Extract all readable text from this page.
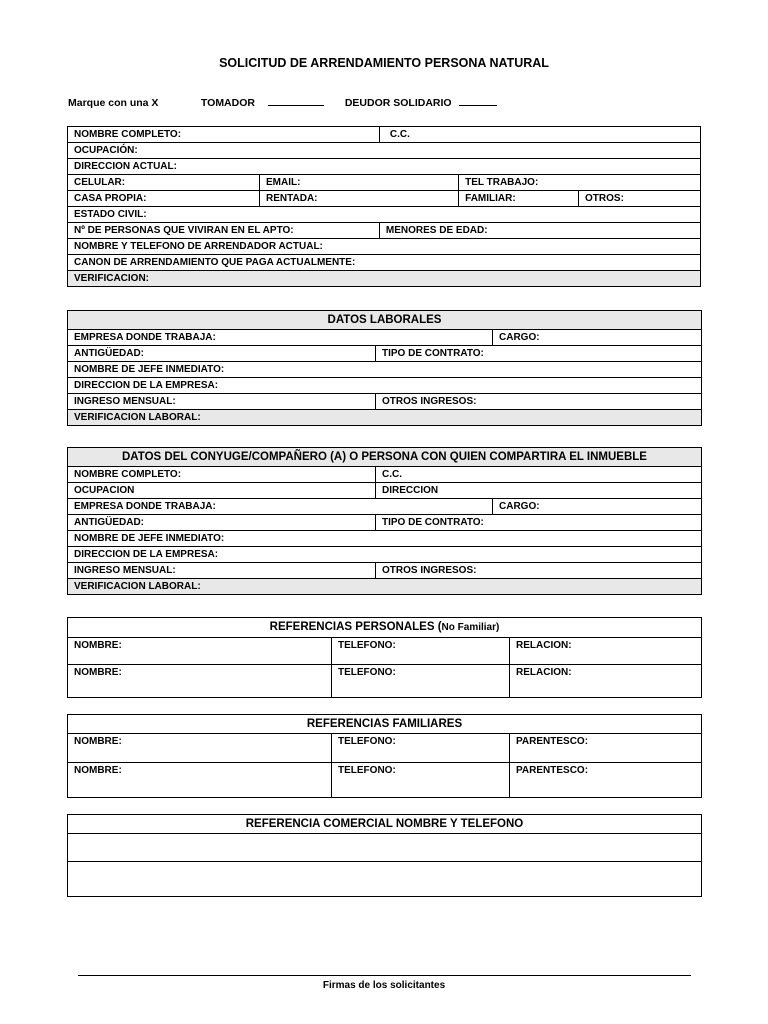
SOLICITUD DE ARRENDAMIENTO PERSONA NATURAL
Marque con una X	TOMADOR	DEUDOR SOLIDARIO
NOMBRE COMPLETO:		C.C.		
OCUPACIÓN:				
DIRECCION ACTUAL:				
CELULAR:	EMAIL:		TEL TRABAJO:	
CASA PROPIA:	RENTADA:		FAMILIAR:	OTROS:
ESTADO CIVIL:				
Nº DE PERSONAS QUE VIVIRAN EN EL APTO:		MENORES DE EDAD:		
NOMBRE Y TELEFONO DE ARRENDADOR ACTUAL:				
CANON DE ARRENDAMIENTO QUE PAGA ACTUALMENTE:				
VERIFICACION:				
DATOS LABORALES		
EMPRESA DONDE TRABAJA:		CARGO:
ANTIGÜEDAD:	TIPO DE CONTRATO:	
NOMBRE DE JEFE INMEDIATO:		
DIRECCION DE LA EMPRESA:		
INGRESO MENSUAL:	OTROS INGRESOS:	
VERIFICACION LABORAL:		
DATOS DEL CONYUGE/COMPAÑERO (A) O PERSONA CON QUIEN COMPARTIRA EL INMUEBLE		
NOMBRE COMPLETO:	C.C.	
OCUPACION	DIRECCION	
EMPRESA DONDE TRABAJA:		CARGO:
ANTIGÜEDAD:	TIPO DE CONTRATO:	
NOMBRE DE JEFE INMEDIATO:		
DIRECCION DE LA EMPRESA:		
INGRESO MENSUAL:	OTROS INGRESOS:	
VERIFICACION LABORAL:		
REFERENCIAS PERSONALES (No Familiar)		
NOMBRE:	TELEFONO:	RELACION:
NOMBRE:	TELEFONO:	RELACION:
REFERENCIAS FAMILIARES		
NOMBRE:	TELEFONO:	PARENTESCO:
NOMBRE:	TELEFONO:	PARENTESCO:
REFERENCIA COMERCIAL NOMBRE Y TELEFONO

Firmas de los solicitantes
